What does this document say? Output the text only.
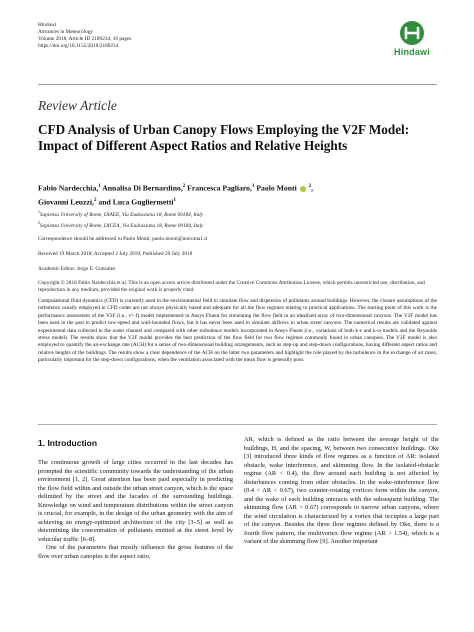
Hindawi
Advances in Meteorology
Volume 2018, Article ID 2189234, 16 pages
https://doi.org/10.1155/2018/2189234
Hindawi
Review Article
CFD Analysis of Urban Canopy Flows Employing the V2F Model: Impact of Different Aspect Ratios and Relative Heights
Fabio Nardecchia,$^1$ Annalisa Di Bernardino,$^2$ Francesca Pagliaro,$^1$ Paolo Monti $^2$,
Giovanni Leuzzi,$^2$ and Luca Gugliermetti$^1$
$^1$Sapienza University of Rome, DIAEE, Via Eudossiana 18, Rome 00184, Italy
$^2$Sapienza University of Rome, DICEA, Via Eudossiana 18, Rome 00184, Italy
Correspondence should be addressed to Paolo Monti; paolo.monti@uniroma1.it
Received 19 March 2018; Accepted 2 July 2018; Published 29 July 2018
Academic Editor: Jorge E. Gonzalez
Copyright © 2018 Fabio Nardecchia et al. This is an open access article distributed under the Creative Commons Attribution License, which permits unrestricted use, distribution, and reproduction in any medium, provided the original work is properly cited.
Computational fluid dynamics (CFD) is currently used in the environmental field to simulate flow and dispersion of pollutants around buildings. However, the closure assumptions of the turbulence usually employed in CFD codes are not always physically based and adequate for all the flow regimes relating to practical applications. The starting point of this work is the performance assessment of the V2F (i.e., v²−f) model implemented in Ansys Fluent for simulating the flow field in an idealized array of two-dimensional canyons. The V2F model has been used in the past to predict low-speed and wall-bounded flows, but it has never been used to simulate airflows in urban street canyons. The numerical results are validated against experimental data collected in the water channel and compared with other turbulence models incorporated in Ansys Fluent (i.e., variations of both k-ε and k-ω models and the Reynolds stress model). The results show that the V2F model provides the best prediction of the flow field for two flow regimes commonly found in urban canopies. The V2F model is also employed to quantify the air-exchange rate (ACH) for a series of two-dimensional building arrangements, such as step-up and step-down configurations, having different aspect ratios and relative heights of the buildings. The results show a clear dependence of the ACH on the latter two parameters and highlight the role played by the turbulence in the exchange of air mass, particularly important for the step-down configurations, when the ventilation associated with the mean flow is generally poor.
1. Introduction

The continuous growth of large cities occurred in the last decades has prompted the scientific community towards the understanding of the urban environment [1, 2]. Great attention has been paid especially in predicting the flow field within and outside the urban street canyon, which is the space delimited by the street and the facades of the surrounding buildings. Knowledge on wind and temperature distributions within the street canyon is crucial, for example, in the design of the urban geometry with the aim of achieving an energy-optimized architecture of the city [3–5] as well as determining the concentration of pollutants emitted at the street level by vehicular traffic [6–8].

One of the parameters that mostly influence the gross features of the flow over urban canopies is the aspect ratio,

AR, which is defined as the ratio between the average height of the buildings, H, and the spacing, W, between two consecutive buildings. Oke [3] introduced three kinds of flow regimes as a function of AR: isolated obstacle, wake interference, and skimming flow. In the isolated-obstacle regime (AR < 0.4), the flow around each building is not affected by disturbances coming from other obstacles. In the wake-interference flow (0.4 < AR < 0.67), two counter-rotating vortices form within the canyon, and the wake of each building interacts with the subsequent building. The skimming flow (AR > 0.67) corresponds to narrow urban canyons, where the wind circulation is characterized by a vortex that occupies a large part of the canyon. Besides the three flow regimes defined by Oke, there is a fourth flow pattern, the multivortex flow regime (AR > 1.54), which is a variant of the skimming flow [9]. Another important
